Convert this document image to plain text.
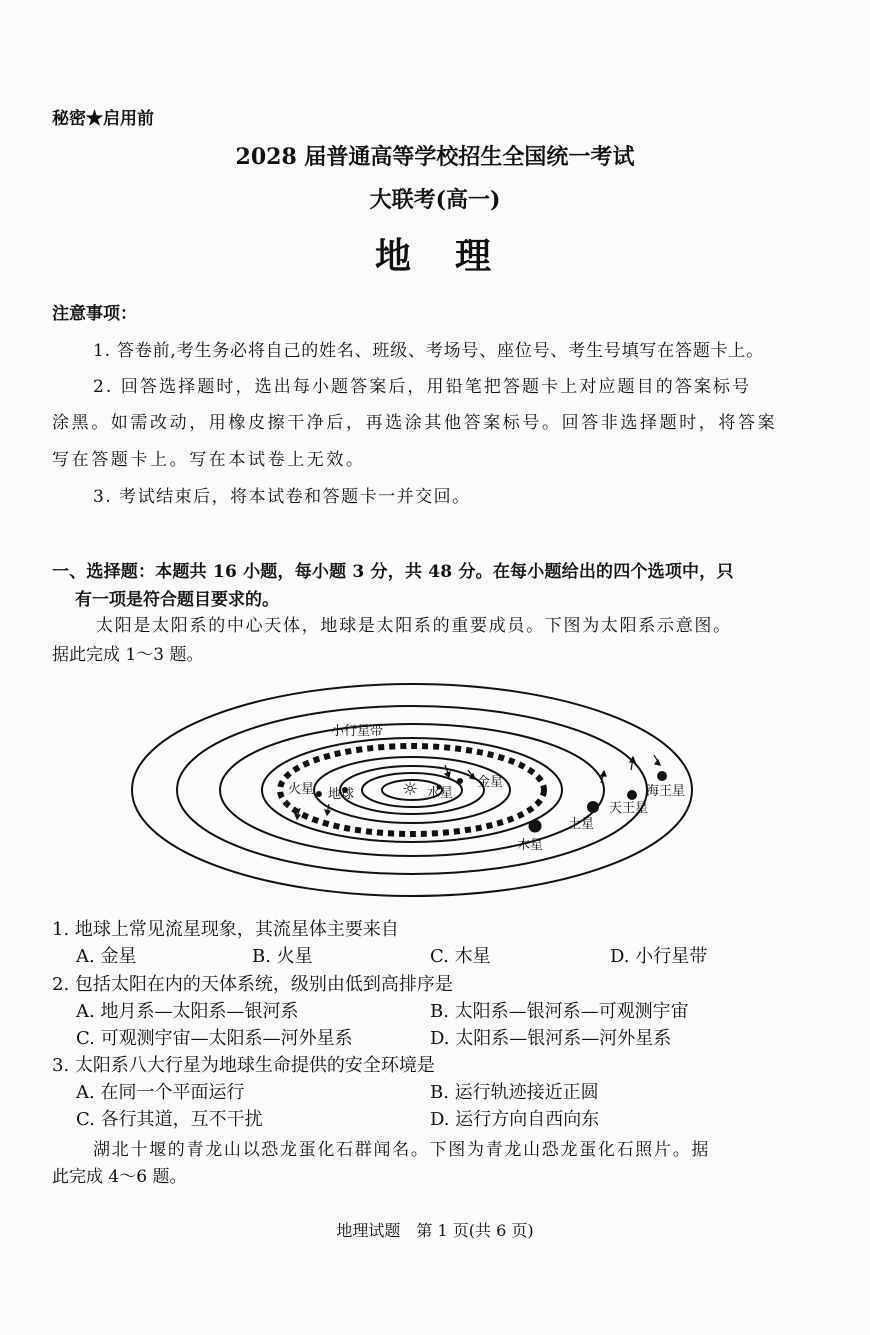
秘密★启用前
2028 届普通高等学校招生全国统一考试
大联考(高一)
地　理
注意事项：
1. 答卷前,考生务必将自己的姓名、班级、考场号、座位号、考生号填写在答题卡上。
2. 回答选择题时，选出每小题答案后，用铅笔把答题卡上对应题目的答案标号
涂黑。如需改动，用橡皮擦干净后，再选涂其他答案标号。回答非选择题时，将答案
写在答题卡上。写在本试卷上无效。
3. 考试结束后，将本试卷和答题卡一并交回。
一、选择题：本题共 16 小题，每小题 3 分，共 48 分。在每小题给出的四个选项中，只
有一项是符合题目要求的。
太阳是太阳系的中心天体，地球是太阳系的重要成员。下图为太阳系示意图。
据此完成 1～3 题。
小行星带
火星 地球	☼ 水星
金星
海王星
天王星
土星
木星
1. 地球上常见流星现象，其流星体主要来自
A. 金星	B. 火星	C. 木星	D. 小行星带
2. 包括太阳在内的天体系统，级别由低到高排序是
A. 地月系—太阳系—银河系	B. 太阳系—银河系—可观测宇宙
C. 可观测宇宙—太阳系—河外星系	D. 太阳系—银河系—河外星系
3. 太阳系八大行星为地球生命提供的安全环境是
A. 在同一个平面运行	B. 运行轨迹接近正圆
C. 各行其道，互不干扰	D. 运行方向自西向东
湖北十堰的青龙山以恐龙蛋化石群闻名。下图为青龙山恐龙蛋化石照片。据
此完成 4～6 题。
地理试题　第 1 页(共 6 页)
